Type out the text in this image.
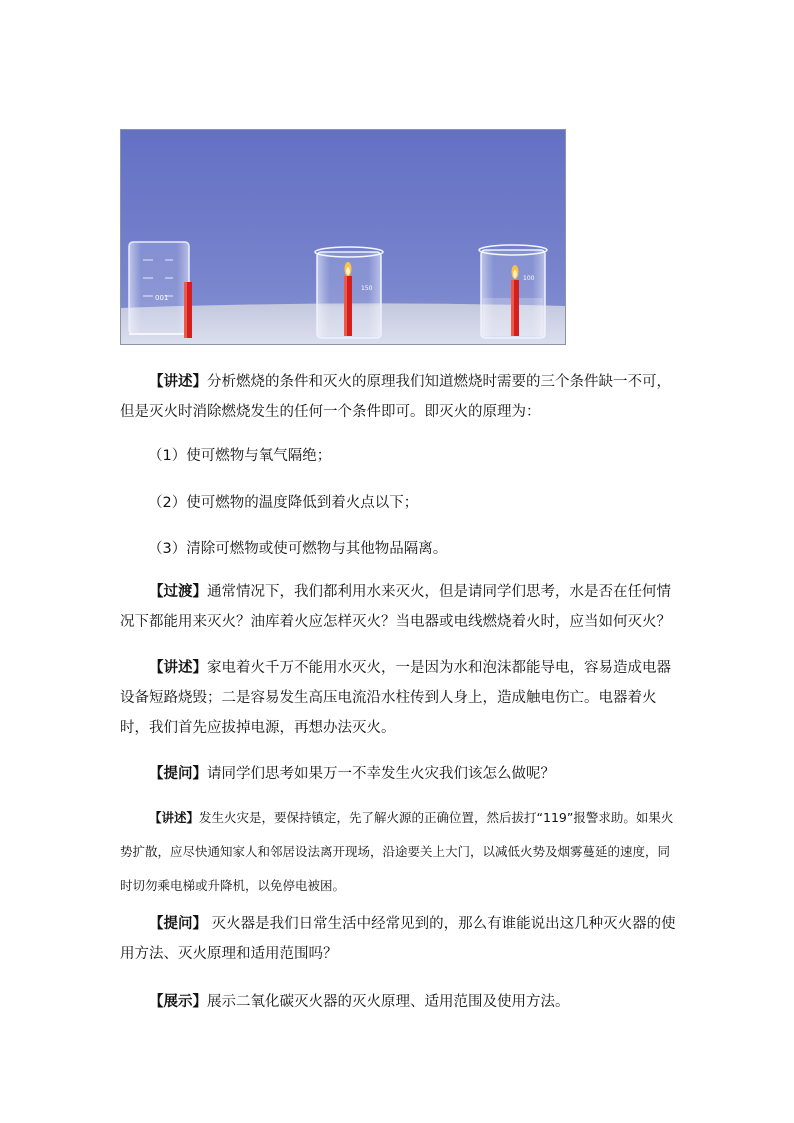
001
150
100
【讲述】分析燃烧的条件和灭火的原理我们知道燃烧时需要的三个条件缺一不可，但是灭火时消除燃烧发生的任何一个条件即可。即灭火的原理为：
（1）使可燃物与氧气隔绝；
（2）使可燃物的温度降低到着火点以下；
（3）清除可燃物或使可燃物与其他物品隔离。
【过渡】通常情况下，我们都利用水来灭火，但是请同学们思考，水是否在任何情况下都能用来灭火？油库着火应怎样灭火？当电器或电线燃烧着火时，应当如何灭火？
【讲述】家电着火千万不能用水灭火，一是因为水和泡沫都能导电，容易造成电器设备短路烧毁；二是容易发生高压电流沿水柱传到人身上，造成触电伤亡。电器着火时，我们首先应拔掉电源，再想办法灭火。
【提问】请同学们思考如果万一不幸发生火灾我们该怎么做呢？
【讲述】发生火灾是，要保持镇定，先了解火源的正确位置，然后拔打“119”报警求助。如果火势扩散，应尽快通知家人和邻居设法离开现场，沿途要关上大门，以减低火势及烟雾蔓延的速度，同时切勿乘电梯或升降机，以免停电被困。
【提问】 灭火器是我们日常生活中经常见到的，那么有谁能说出这几种灭火器的使用方法、灭火原理和适用范围吗？
【展示】展示二氧化碳灭火器的灭火原理、适用范围及使用方法。
